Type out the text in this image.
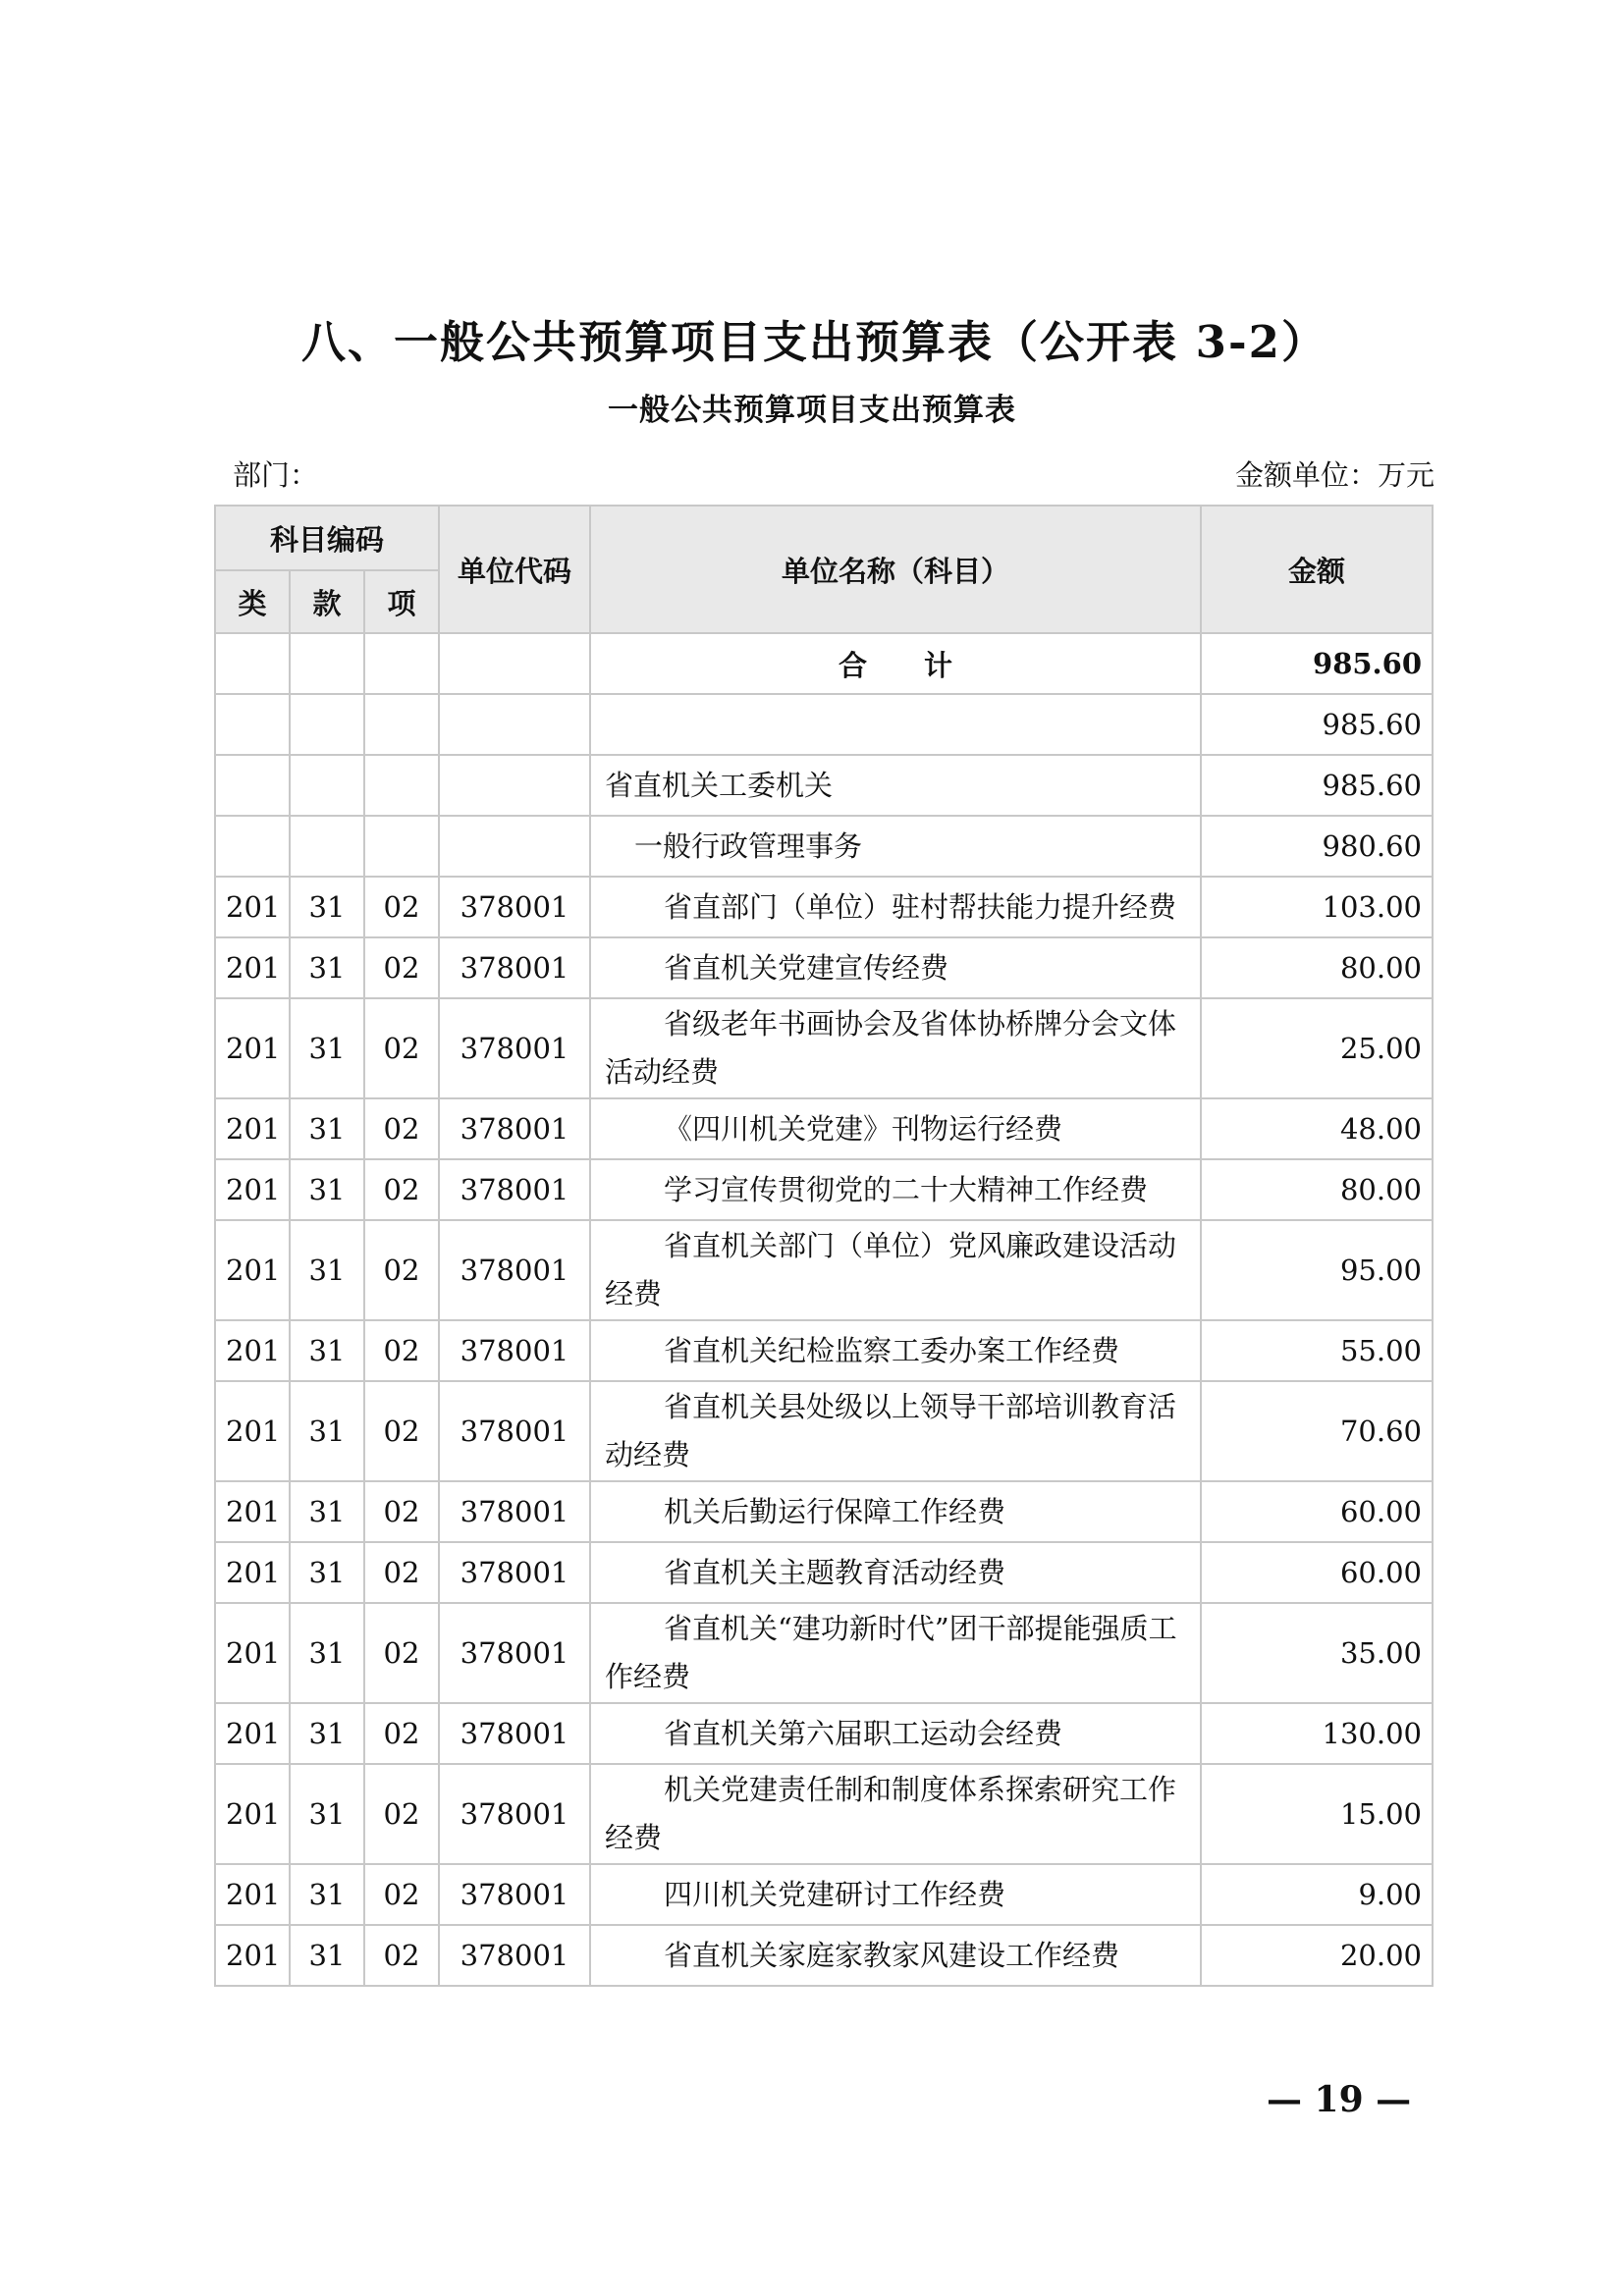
八、一般公共预算项目支出预算表（公开表 3-2）
一般公共预算项目支出预算表
部门：	金额单位：万元
科目编码			单位代码	单位名称（科目）	金额
类	款	项			
				合　　计	985.60
					985.60
				省直机关工委机关	985.60
				一般行政管理事务	980.60
201	31	02	378001	省直部门（单位）驻村帮扶能力提升经费	103.00
201	31	02	378001	省直机关党建宣传经费	80.00
201	31	02	378001	省级老年书画协会及省体协桥牌分会文体活动经费	25.00
201	31	02	378001	《四川机关党建》刊物运行经费	48.00
201	31	02	378001	学习宣传贯彻党的二十大精神工作经费	80.00
201	31	02	378001	省直机关部门（单位）党风廉政建设活动经费	95.00
201	31	02	378001	省直机关纪检监察工委办案工作经费	55.00
201	31	02	378001	省直机关县处级以上领导干部培训教育活动经费	70.60
201	31	02	378001	机关后勤运行保障工作经费	60.00
201	31	02	378001	省直机关主题教育活动经费	60.00
201	31	02	378001	省直机关“建功新时代”团干部提能强质工作经费	35.00
201	31	02	378001	省直机关第六届职工运动会经费	130.00
201	31	02	378001	机关党建责任制和制度体系探索研究工作经费	15.00
201	31	02	378001	四川机关党建研讨工作经费	9.00
201	31	02	378001	省直机关家庭家教家风建设工作经费	20.00
— 19 —
